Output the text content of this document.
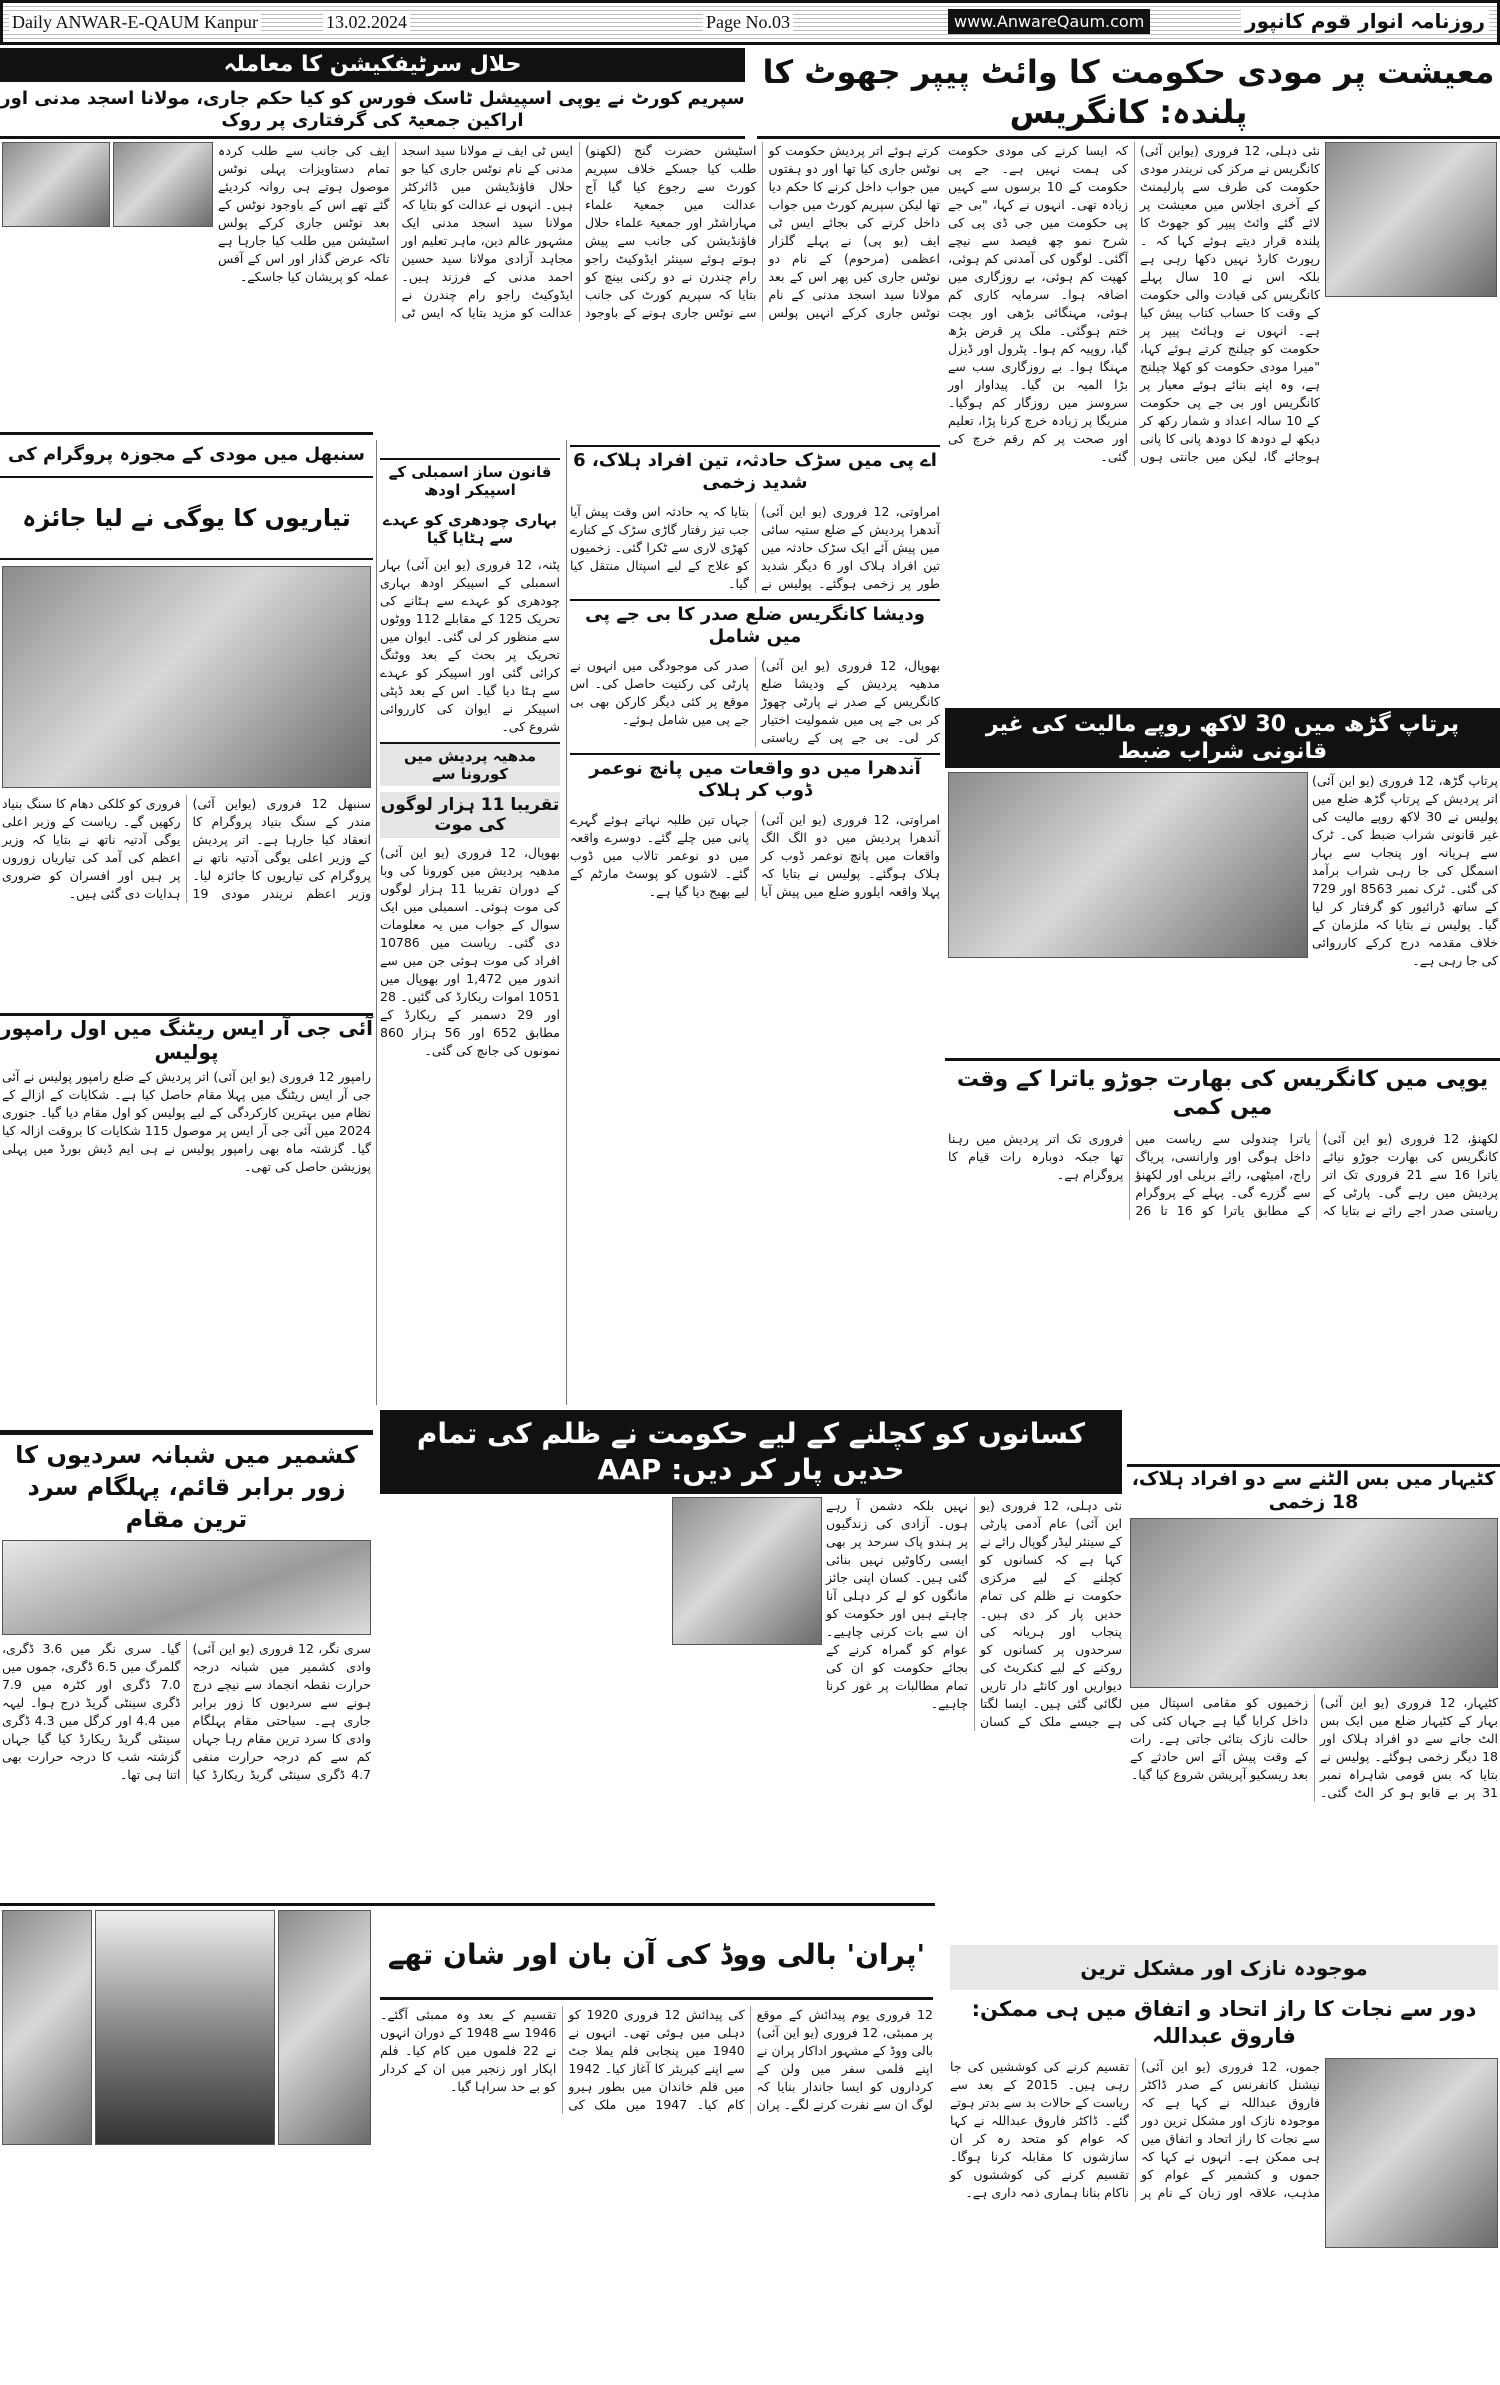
Daily ANWAR-E-QAUM Kanpur	13.02.2024	Page No.03	www.AnwareQaum.com	روزنامہ انوار قوم کانپور
معیشت پر مودی حکومت کا وائٹ پیپر جھوٹ کا پلندہ: کانگریس
نئی دہلی، 12 فروری (یواین آئی) کانگریس نے مرکز کی نریندر مودی حکومت کی طرف سے پارلیمنٹ کے آخری اجلاس میں معیشت پر لائے گئے وائٹ پیپر کو جھوٹ کا پلندہ قرار دیتے ہوئے کہا کہ ۔ رپورٹ کارڈ نہیں دکھا رہی ہے بلکہ اس نے 10 سال پہلے کانگریس کی قیادت والی حکومت کے وقت کا حساب کتاب پیش کیا ہے۔ انہوں نے وہائٹ پیپر پر حکومت کو چیلنج کرتے ہوئے کہا، "میرا مودی حکومت کو کھلا چیلنج ہے، وہ اپنے بنائے ہوئے معیار پر کانگریس اور بی جے پی حکومت کے 10 سالہ اعداد و شمار رکھ کر دیکھ لے دودھ کا دودھ پانی کا پانی ہوجائے گا، لیکن میں جانتی ہوں کہ ایسا کرنے کی مودی حکومت کی ہمت نہیں ہے۔ جے پی حکومت کے 10 برسوں سے کہیں زیادہ تھی۔ انہوں نے کہا، "بی جے پی حکومت میں جی ڈی پی کی شرح نمو چھ فیصد سے نیچے آگئی۔ لوگوں کی آمدنی کم ہوئی، کھپت کم ہوئی، بے روزگاری میں اضافہ ہوا۔ سرمایہ کاری کم ہوئی، مہنگائی بڑھی اور بچت ختم ہوگئی۔ ملک پر قرض بڑھ گیا، روپیہ کم ہوا۔ پٹرول اور ڈیزل مہنگا ہوا۔ بے روزگاری سب سے بڑا المیہ بن گیا۔ پیداوار اور سروسز میں روزگار کم ہوگیا۔ منریگا پر زیادہ خرچ کرنا پڑا، تعلیم اور صحت پر کم رقم خرچ کی گئی۔
حلال سرٹیفکیشن کا معاملہ
سپریم کورٹ نے یوپی اسپیشل ٹاسک فورس کو کیا حکم جاری، مولانا اسجد مدنی اور اراکین جمعیۃ کی گرفتاری پر روک
کرتے ہوئے اتر پردیش حکومت کو نوٹس جاری کیا تھا اور دو ہفتوں میں جواب داخل کرنے کا حکم دیا تھا لیکن سپریم کورٹ میں جواب داخل کرنے کی بجائے ایس ٹی ایف (یو پی) نے پہلے گلزار اعظمی (مرحوم) کے نام دو نوٹس جاری کیں پھر اس کے بعد مولانا سید اسجد مدنی کے نام نوٹس جاری کرکے انہیں پولس اسٹیشن حضرت گنج (لکھنو) طلب کیا جسکے خلاف سپریم کورٹ سے رجوع کیا گیا آج عدالت میں جمعیۃ علماء مہاراشٹر اور جمعیۃ علماء حلال فاؤنڈیشن کی جانب سے پیش ہوتے ہوئے سینئر ایڈوکیٹ راجو رام چندرن نے دو رکنی بینچ کو بتایا کہ سپریم کورٹ کی جانب سے نوٹس جاری ہونے کے باوجود ایس ٹی ایف نے مولانا سید اسجد مدنی کے نام نوٹس جاری کیا جو حلال فاؤنڈیشن میں ڈائرکٹر ہیں۔ انہوں نے عدالت کو بتایا کہ مولانا سید اسجد مدنی ایک مشہور عالم دین، ماہر تعلیم اور مجاہد آزادی مولانا سید حسین احمد مدنی کے فرزند ہیں۔ ایڈوکیٹ راجو رام چندرن نے عدالت کو مزید بتایا کہ ایس ٹی ایف کی جانب سے طلب کردہ تمام دستاویزات پہلی نوٹس موصول ہوتے ہی روانہ کردیئے گئے تھے اس کے باوجود نوٹس کے بعد نوٹس جاری کرکے پولس اسٹیشن میں طلب کیا جارہا ہے تاکہ عرض گذار اور اس کے آفس عملہ کو پریشان کیا جاسکے۔
سنبھل میں مودی کے مجوزہ پروگرام کی
تیاریوں کا یوگی نے لیا جائزہ
سنبھل 12 فروری (یواین آئی) مندر کے سنگ بنیاد پروگرام کا انعقاد کیا جارہا ہے۔ اتر پردیش کے وزیر اعلی یوگی آدتیہ ناتھ نے پروگرام کی تیاریوں کا جائزہ لیا۔ وزیر اعظم نریندر مودی 19 فروری کو کلکی دھام کا سنگ بنیاد رکھیں گے۔ ریاست کے وزیر اعلی یوگی آدتیہ ناتھ نے بتایا کہ وزیر اعظم کی آمد کی تیاریاں زوروں پر ہیں اور افسران کو ضروری ہدایات دی گئی ہیں۔
آئی جی آر ایس ریٹنگ میں اول رامپور پولیس
رامپور 12 فروری (یو این آئی) اتر پردیش کے ضلع رامپور پولیس نے آئی جی آر ایس ریٹنگ میں پہلا مقام حاصل کیا ہے۔ شکایات کے ازالے کے نظام میں بہترین کارکردگی کے لیے پولیس کو اول مقام دیا گیا۔ جنوری 2024 میں آئی جی آر ایس پر موصول 115 شکایات کا بروقت ازالہ کیا گیا۔ گزشتہ ماہ بھی رامپور پولیس نے ہی ایم ڈیش بورڈ میں پہلی پوزیشن حاصل کی تھی۔
کشمیر میں شبانہ سردیوں کا زور برابر قائم، پہلگام سرد ترین مقام
سری نگر، 12 فروری (یو این آئی) وادی کشمیر میں شبانہ درجہ حرارت نقطہ انجماد سے نیچے درج ہونے سے سردیوں کا زور برابر جاری ہے۔ سیاحتی مقام پہلگام وادی کا سرد ترین مقام رہا جہاں کم سے کم درجہ حرارت منفی 4.7 ڈگری سینٹی گریڈ ریکارڈ کیا گیا۔ سری نگر میں 3.6 ڈگری، گلمرگ میں 6.5 ڈگری، جموں میں 7.0 ڈگری اور کٹرہ میں 7.9 ڈگری سینٹی گریڈ درج ہوا۔ لیہہ میں 4.4 اور کرگل میں 4.3 ڈگری سینٹی گریڈ ریکارڈ کیا گیا جہاں گزشتہ شب کا درجہ حرارت بھی اتنا ہی تھا۔
قانون ساز اسمبلی کے اسپیکر اودھ
بہاری چودھری کو عہدے سے ہٹایا گیا
پٹنہ، 12 فروری (یو این آئی) بہار اسمبلی کے اسپیکر اودھ بہاری چودھری کو عہدے سے ہٹانے کی تحریک 125 کے مقابلے 112 ووٹوں سے منظور کر لی گئی۔ ایوان میں تحریک پر بحث کے بعد ووٹنگ کرائی گئی اور اسپیکر کو عہدے سے ہٹا دیا گیا۔ اس کے بعد ڈپٹی اسپیکر نے ایوان کی کارروائی شروع کی۔
مدھیہ پردیش میں کورونا سے
تقریبا 11 ہزار لوگوں کی موت
بھوپال، 12 فروری (یو این آئی) مدھیہ پردیش میں کورونا کی وبا کے دوران تقریبا 11 ہزار لوگوں کی موت ہوئی۔ اسمبلی میں ایک سوال کے جواب میں یہ معلومات دی گئی۔ ریاست میں 10786 افراد کی موت ہوئی جن میں سے اندور میں 1,472 اور بھوپال میں 1051 اموات ریکارڈ کی گئیں۔ 28 اور 29 دسمبر کے ریکارڈ کے مطابق 652 اور 56 ہزار 860 نمونوں کی جانچ کی گئی۔
اے پی میں سڑک حادثہ، تین افراد ہلاک، 6 شدید زخمی
امراوتی، 12 فروری (یو این آئی) آندھرا پردیش کے ضلع ستیہ سائی میں پیش آئے ایک سڑک حادثہ میں تین افراد ہلاک اور 6 دیگر شدید طور پر زخمی ہوگئے۔ پولیس نے بتایا کہ یہ حادثہ اس وقت پیش آیا جب تیز رفتار گاڑی سڑک کے کنارے کھڑی لاری سے ٹکرا گئی۔ زخمیوں کو علاج کے لیے اسپتال منتقل کیا گیا۔
ودیشا کانگریس ضلع صدر کا بی جے پی میں شامل
بھوپال، 12 فروری (یو این آئی) مدھیہ پردیش کے ودیشا ضلع کانگریس کے صدر نے پارٹی چھوڑ کر بی جے پی میں شمولیت اختیار کر لی۔ بی جے پی کے ریاستی صدر کی موجودگی میں انہوں نے پارٹی کی رکنیت حاصل کی۔ اس موقع پر کئی دیگر کارکن بھی بی جے پی میں شامل ہوئے۔
آندھرا میں دو واقعات میں پانچ نوعمر ڈوب کر ہلاک
امراوتی، 12 فروری (یو این آئی) آندھرا پردیش میں دو الگ الگ واقعات میں پانچ نوعمر ڈوب کر ہلاک ہوگئے۔ پولیس نے بتایا کہ پہلا واقعہ ایلورو ضلع میں پیش آیا جہاں تین طلبہ نہاتے ہوئے گہرے پانی میں چلے گئے۔ دوسرے واقعہ میں دو نوعمر تالاب میں ڈوب گئے۔ لاشوں کو پوسٹ مارٹم کے لیے بھیج دیا گیا ہے۔
پرتاپ گڑھ میں 30 لاکھ روپے مالیت کی غیر قانونی شراب ضبط
پرتاپ گڑھ، 12 فروری (یو این آئی) اتر پردیش کے پرتاپ گڑھ ضلع میں پولیس نے 30 لاکھ روپے مالیت کی غیر قانونی شراب ضبط کی۔ ٹرک سے ہریانہ اور پنجاب سے بہار اسمگل کی جا رہی شراب برآمد کی گئی۔ ٹرک نمبر 8563 اور 729 کے ساتھ ڈرائیور کو گرفتار کر لیا گیا۔ پولیس نے بتایا کہ ملزمان کے خلاف مقدمہ درج کرکے کارروائی کی جا رہی ہے۔
یوپی میں کانگریس کی بھارت جوڑو یاترا کے وقت میں کمی
لکھنؤ، 12 فروری (یو این آئی) کانگریس کی بھارت جوڑو نیائے یاترا 16 سے 21 فروری تک اتر پردیش میں رہے گی۔ پارٹی کے ریاستی صدر اجے رائے نے بتایا کہ یاترا چندولی سے ریاست میں داخل ہوگی اور وارانسی، پریاگ راج، امیٹھی، رائے بریلی اور لکھنؤ سے گزرے گی۔ پہلے کے پروگرام کے مطابق یاترا کو 16 تا 26 فروری تک اتر پردیش میں رہنا تھا جبکہ دوبارہ رات قیام کا پروگرام ہے۔
کسانوں کو کچلنے کے لیے حکومت نے ظلم کی تمام حدیں پار کر دیں: AAP
نئی دہلی، 12 فروری (یو این آئی) عام آدمی پارٹی کے سینئر لیڈر گوپال رائے نے کہا ہے کہ کسانوں کو کچلنے کے لیے مرکزی حکومت نے ظلم کی تمام حدیں پار کر دی ہیں۔ پنجاب اور ہریانہ کی سرحدوں پر کسانوں کو روکنے کے لیے کنکریٹ کی دیواریں اور کانٹے دار تاریں لگائی گئی ہیں۔ ایسا لگتا ہے جیسے ملک کے کسان نہیں بلکہ دشمن آ رہے ہوں۔ آزادی کی زندگیوں پر ہندو پاک سرحد پر بھی ایسی رکاوٹیں نہیں بنائی گئی ہیں۔ کسان اپنی جائز مانگوں کو لے کر دہلی آنا چاہتے ہیں اور حکومت کو ان سے بات کرنی چاہیے۔ عوام کو گمراہ کرنے کے بجائے حکومت کو ان کی تمام مطالبات پر غور کرنا چاہیے۔
کٹیہار میں بس الٹنے سے دو افراد ہلاک، 18 زخمی
کٹیہار، 12 فروری (یو این آئی) بہار کے کٹیہار ضلع میں ایک بس الٹ جانے سے دو افراد ہلاک اور 18 دیگر زخمی ہوگئے۔ پولیس نے بتایا کہ بس قومی شاہراہ نمبر 31 پر بے قابو ہو کر الٹ گئی۔ زخمیوں کو مقامی اسپتال میں داخل کرایا گیا ہے جہاں کئی کی حالت نازک بتائی جاتی ہے۔ رات کے وقت پیش آئے اس حادثے کے بعد ریسکیو آپریشن شروع کیا گیا۔
'پران' بالی ووڈ کی آن بان اور شان تھے
12 فروری یوم پیدائش کے موقع پر ممبئی، 12 فروری (یو این آئی) بالی ووڈ کے مشہور اداکار پران نے اپنے فلمی سفر میں ولن کے کرداروں کو ایسا جاندار بنایا کہ لوگ ان سے نفرت کرنے لگے۔ پران کی پیدائش 12 فروری 1920 کو دہلی میں ہوئی تھی۔ انہوں نے 1940 میں پنجابی فلم یملا جٹ سے اپنے کیریئر کا آغاز کیا۔ 1942 میں فلم خاندان میں بطور ہیرو کام کیا۔ 1947 میں ملک کی تقسیم کے بعد وہ ممبئی آگئے۔ 1946 سے 1948 کے دوران انہوں نے 22 فلموں میں کام کیا۔ فلم اپکار اور زنجیر میں ان کے کردار کو بے حد سراہا گیا۔
موجودہ نازک اور مشکل ترین
دور سے نجات کا راز اتحاد و اتفاق میں ہی ممکن: فاروق عبداللہ
جموں، 12 فروری (یو این آئی) نیشنل کانفرنس کے صدر ڈاکٹر فاروق عبداللہ نے کہا ہے کہ موجودہ نازک اور مشکل ترین دور سے نجات کا راز اتحاد و اتفاق میں ہی ممکن ہے۔ انہوں نے کہا کہ جموں و کشمیر کے عوام کو مذہب، علاقہ اور زبان کے نام پر تقسیم کرنے کی کوششیں کی جا رہی ہیں۔ 2015 کے بعد سے ریاست کے حالات بد سے بدتر ہوتے گئے۔ ڈاکٹر فاروق عبداللہ نے کہا کہ عوام کو متحد رہ کر ان سازشوں کا مقابلہ کرنا ہوگا۔ تقسیم کرنے کی کوششوں کو ناکام بنانا ہماری ذمہ داری ہے۔
